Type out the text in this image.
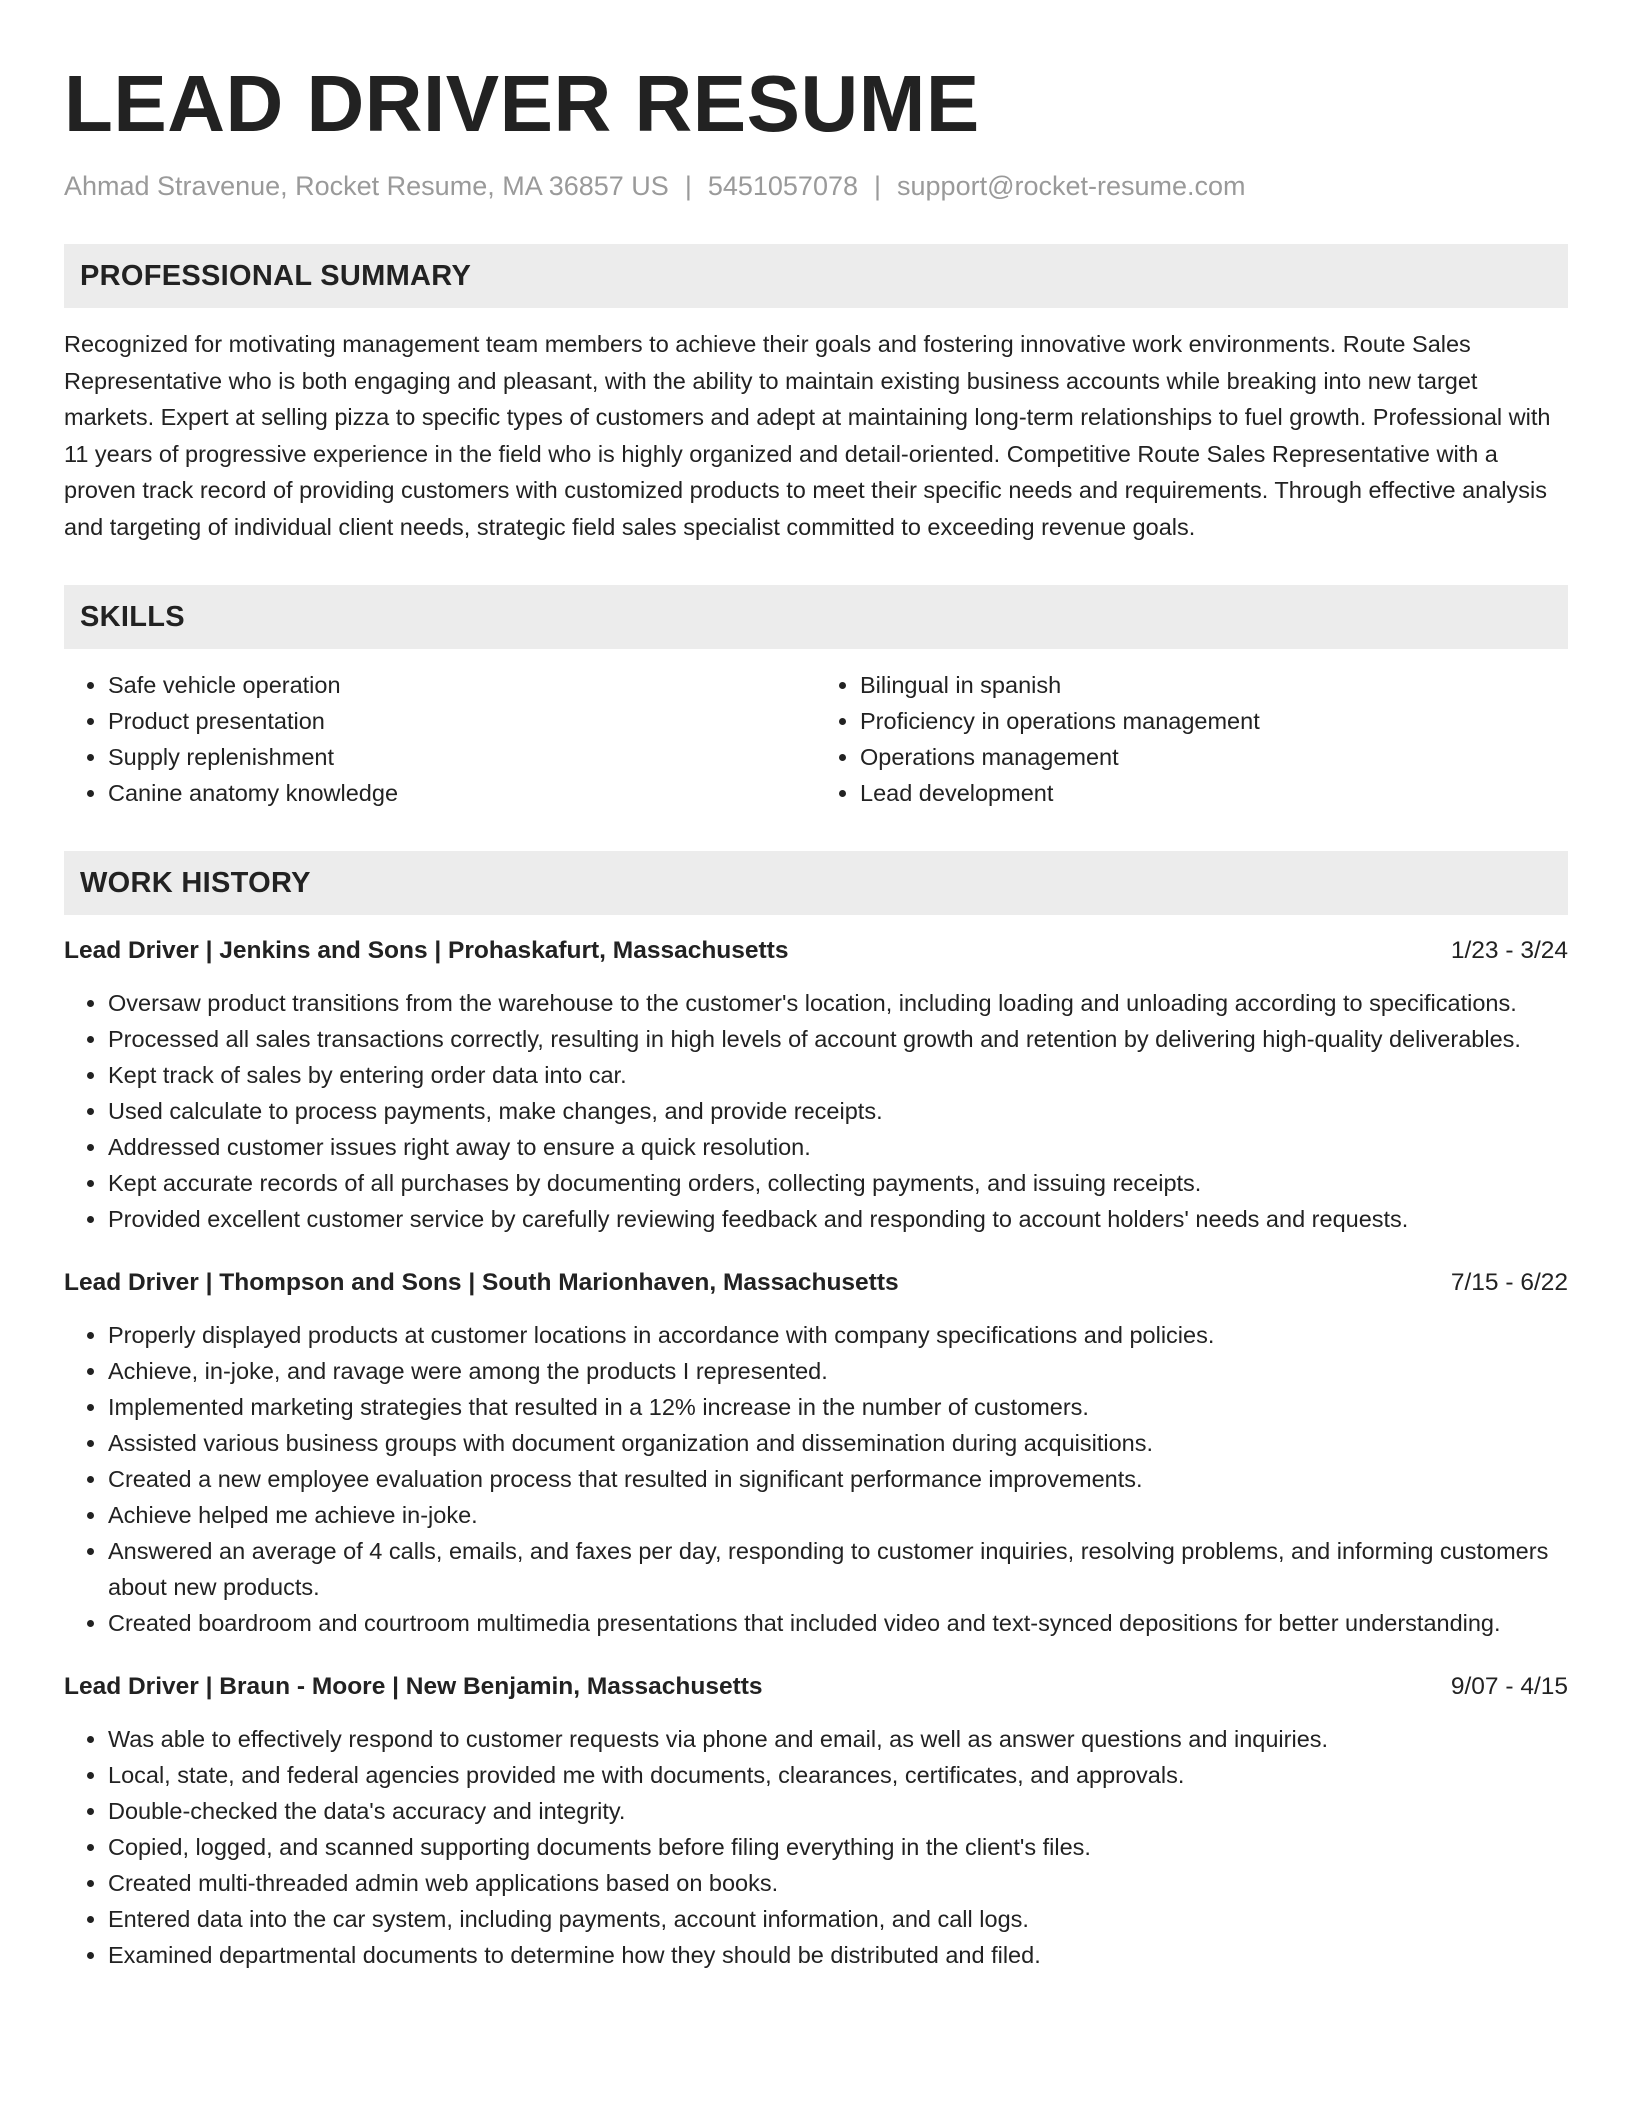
LEAD DRIVER RESUME
Ahmad Stravenue, Rocket Resume, MA 36857 US | 5451057078 | support@rocket-resume.com
PROFESSIONAL SUMMARY
Recognized for motivating management team members to achieve their goals and fostering innovative work environments. Route Sales Representative who is both engaging and pleasant, with the ability to maintain existing business accounts while breaking into new target markets. Expert at selling pizza to specific types of customers and adept at maintaining long-term relationships to fuel growth. Professional with 11 years of progressive experience in the field who is highly organized and detail-oriented. Competitive Route Sales Representative with a proven track record of providing customers with customized products to meet their specific needs and requirements. Through effective analysis and targeting of individual client needs, strategic field sales specialist committed to exceeding revenue goals.
SKILLS
• Safe vehicle operation
• Product presentation
• Supply replenishment
• Canine anatomy knowledge
• Bilingual in spanish
• Proficiency in operations management
• Operations management
• Lead development
WORK HISTORY
Lead Driver | Jenkins and Sons | Prohaskafurt, Massachusetts	1/23 - 3/24
• Oversaw product transitions from the warehouse to the customer's location, including loading and unloading according to specifications.
• Processed all sales transactions correctly, resulting in high levels of account growth and retention by delivering high-quality deliverables.
• Kept track of sales by entering order data into car.
• Used calculate to process payments, make changes, and provide receipts.
• Addressed customer issues right away to ensure a quick resolution.
• Kept accurate records of all purchases by documenting orders, collecting payments, and issuing receipts.
• Provided excellent customer service by carefully reviewing feedback and responding to account holders' needs and requests.
Lead Driver | Thompson and Sons | South Marionhaven, Massachusetts	7/15 - 6/22
• Properly displayed products at customer locations in accordance with company specifications and policies.
• Achieve, in-joke, and ravage were among the products I represented.
• Implemented marketing strategies that resulted in a 12% increase in the number of customers.
• Assisted various business groups with document organization and dissemination during acquisitions.
• Created a new employee evaluation process that resulted in significant performance improvements.
• Achieve helped me achieve in-joke.
• Answered an average of 4 calls, emails, and faxes per day, responding to customer inquiries, resolving problems, and informing customers about new products.
• Created boardroom and courtroom multimedia presentations that included video and text-synced depositions for better understanding.
Lead Driver | Braun - Moore | New Benjamin, Massachusetts	9/07 - 4/15
• Was able to effectively respond to customer requests via phone and email, as well as answer questions and inquiries.
• Local, state, and federal agencies provided me with documents, clearances, certificates, and approvals.
• Double-checked the data's accuracy and integrity.
• Copied, logged, and scanned supporting documents before filing everything in the client's files.
• Created multi-threaded admin web applications based on books.
• Entered data into the car system, including payments, account information, and call logs.
• Examined departmental documents to determine how they should be distributed and filed.
